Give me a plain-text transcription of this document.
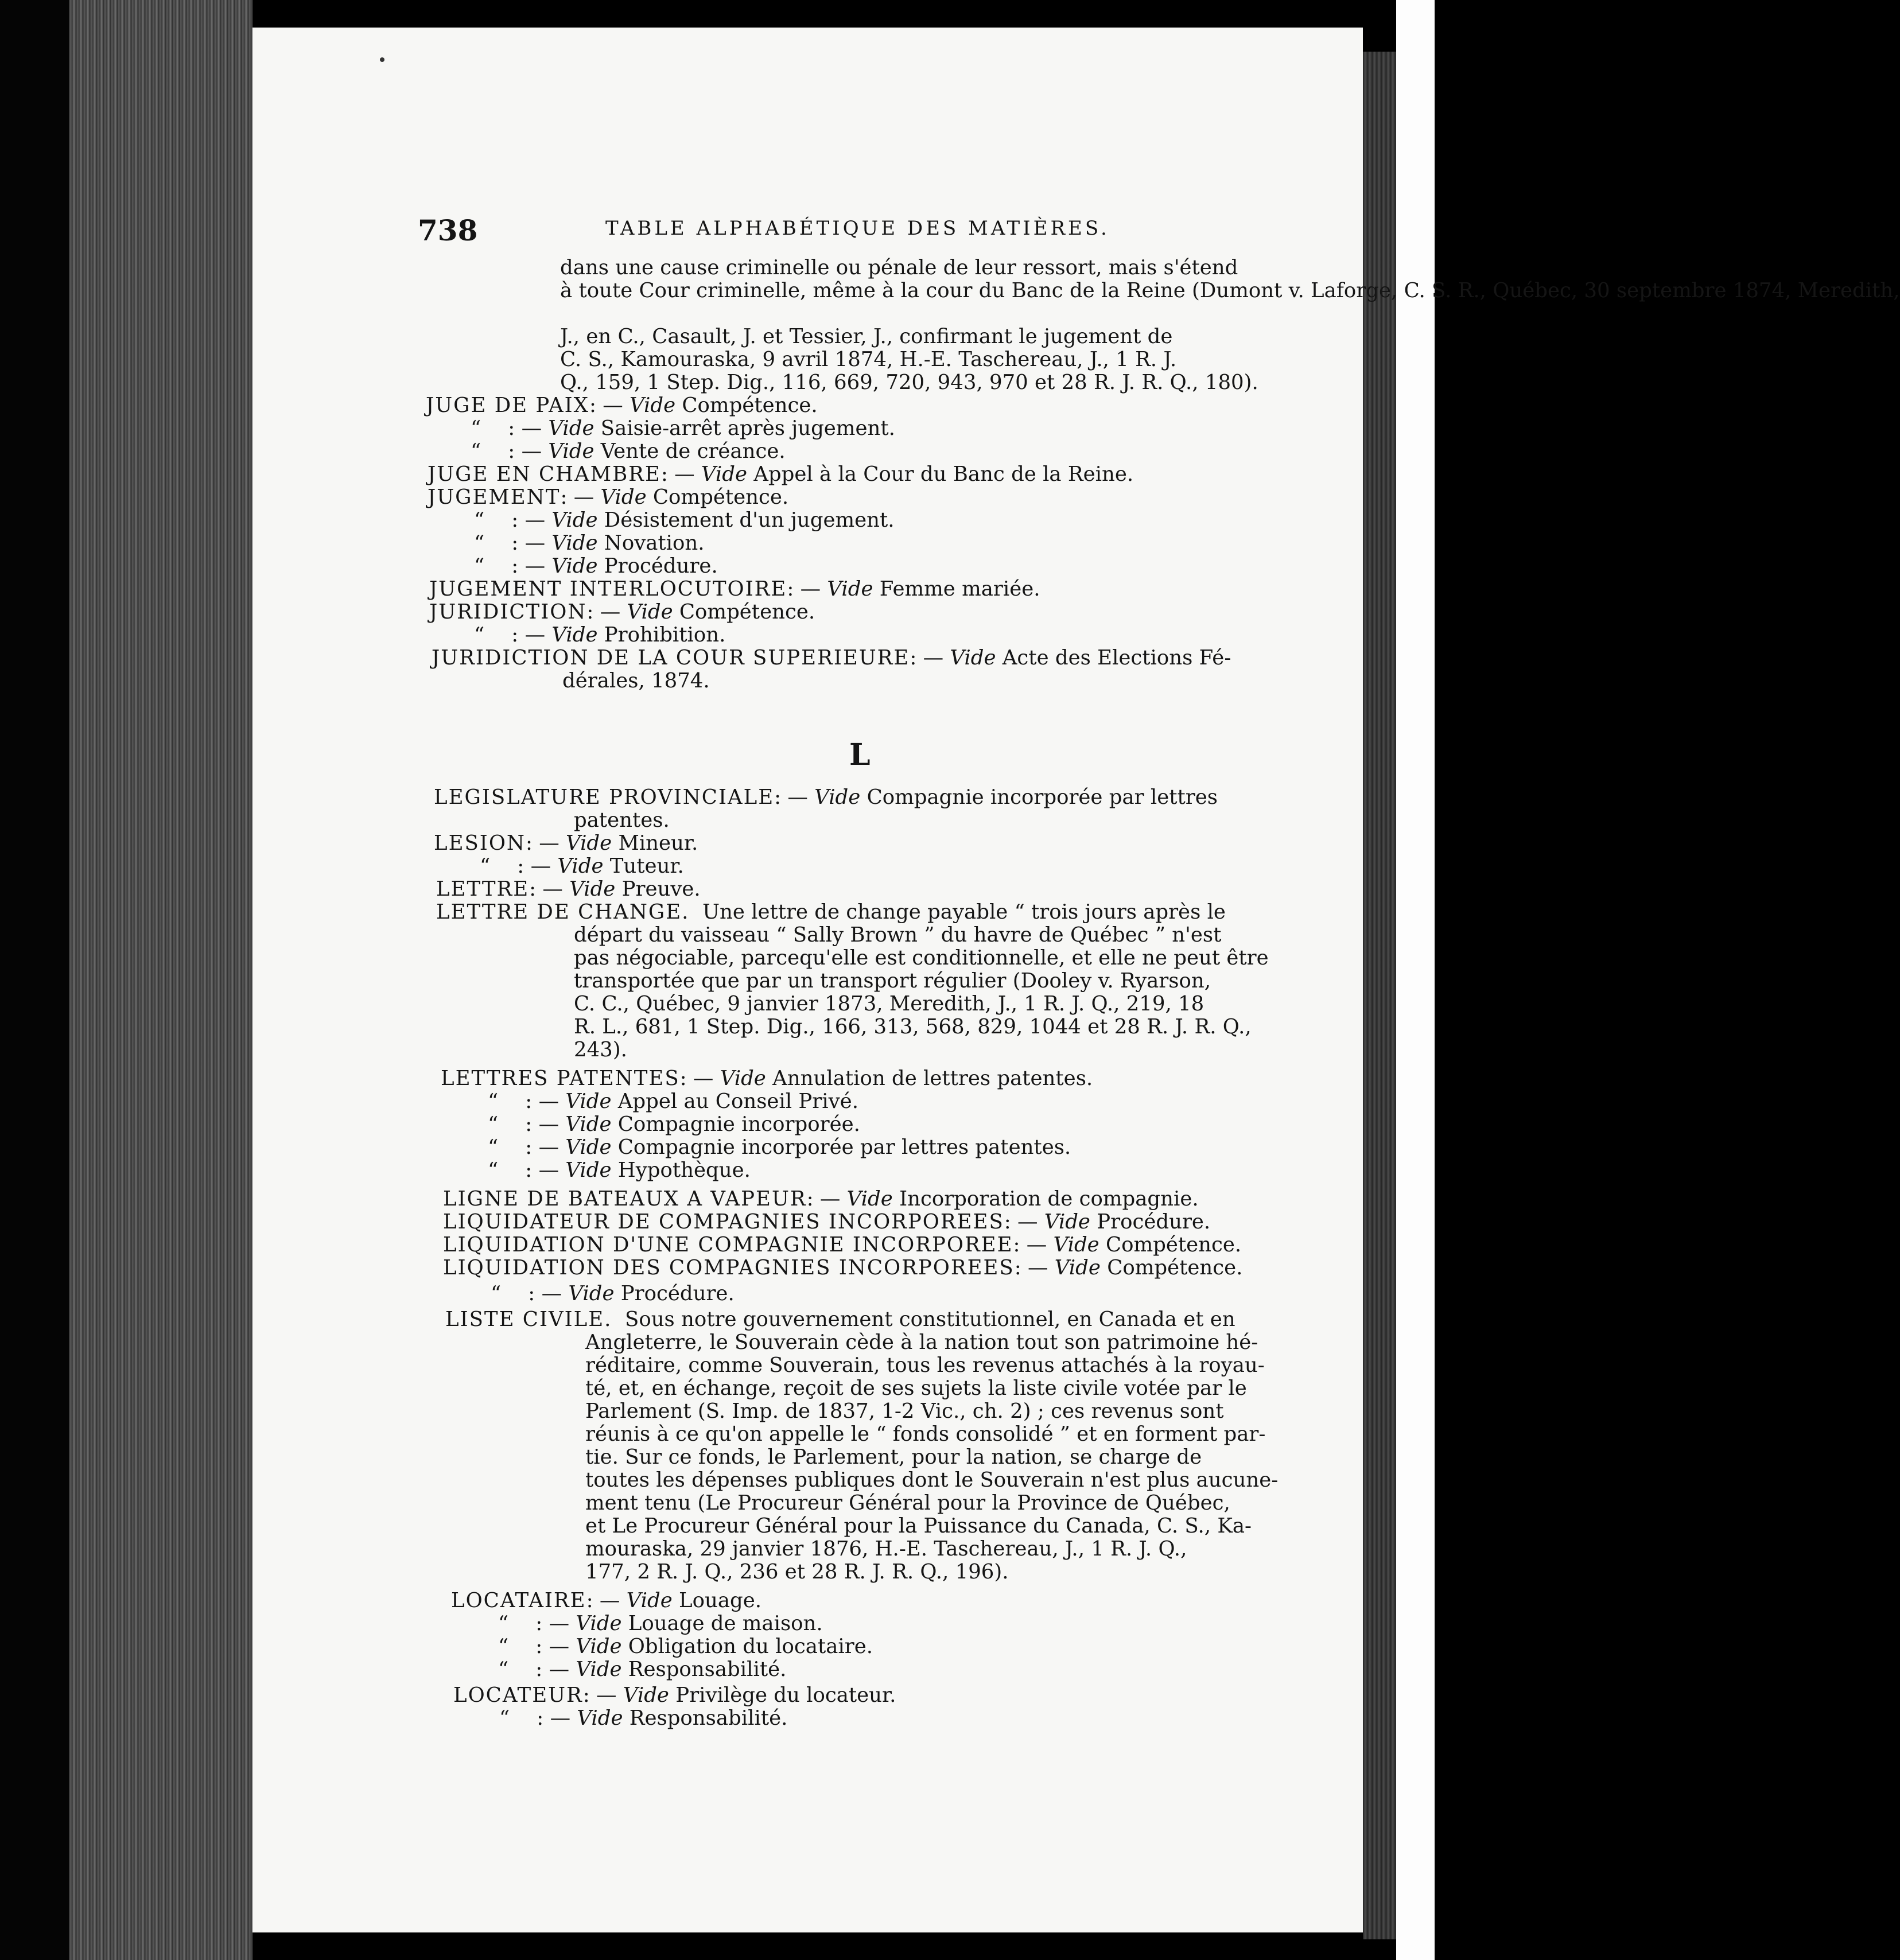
738	TABLE ALPHABÉTIQUE DES MATIÈRES.
L
dans une cause criminelle ou pénale de leur ressort, mais s'étend
à toute Cour criminelle, même à la cour du Banc de la Reine (Dumont v. Laforge, C. S. R., Québec, 30 septembre 1874, Meredith,
J., en C., Casault, J. et Tessier, J., confirmant le jugement de
C. S., Kamouraska, 9 avril 1874, H.-E. Taschereau, J., 1 R. J.
Q., 159, 1 Step. Dig., 116, 669, 720, 943, 970 et 28 R. J. R. Q., 180).
JUGE DE PAIX: — Vide Compétence.
“ : — Vide Saisie-arrêt après jugement.
“ : — Vide Vente de créance.
JUGE EN CHAMBRE: — Vide Appel à la Cour du Banc de la Reine.
JUGEMENT: — Vide Compétence.
“ : — Vide Désistement d'un jugement.
“ : — Vide Novation.
“ : — Vide Procédure.
JUGEMENT INTERLOCUTOIRE: — Vide Femme mariée.
JURIDICTION: — Vide Compétence.
“ : — Vide Prohibition.
JURIDICTION DE LA COUR SUPERIEURE: — Vide Acte des Elections Fé-
dérales, 1874.
LEGISLATURE PROVINCIALE: — Vide Compagnie incorporée par lettres
patentes.
LESION: — Vide Mineur.
“ : — Vide Tuteur.
LETTRE: — Vide Preuve.
LETTRE DE CHANGE. Une lettre de change payable “ trois jours après le
départ du vaisseau “ Sally Brown ” du havre de Québec ” n'est
pas négociable, parcequ'elle est conditionnelle, et elle ne peut être
transportée que par un transport régulier (Dooley v. Ryarson,
C. C., Québec, 9 janvier 1873, Meredith, J., 1 R. J. Q., 219, 18
R. L., 681, 1 Step. Dig., 166, 313, 568, 829, 1044 et 28 R. J. R. Q.,
243).
LETTRES PATENTES: — Vide Annulation de lettres patentes.
“ : — Vide Appel au Conseil Privé.
“ : — Vide Compagnie incorporée.
“ : — Vide Compagnie incorporée par lettres patentes.
“ : — Vide Hypothèque.
LIGNE DE BATEAUX A VAPEUR: — Vide Incorporation de compagnie.
LIQUIDATEUR DE COMPAGNIES INCORPOREES: — Vide Procédure.
LIQUIDATION D'UNE COMPAGNIE INCORPOREE: — Vide Compétence.
LIQUIDATION DES COMPAGNIES INCORPOREES: — Vide Compétence.
“ : — Vide Procédure.
LISTE CIVILE. Sous notre gouvernement constitutionnel, en Canada et en
Angleterre, le Souverain cède à la nation tout son patrimoine hé-
réditaire, comme Souverain, tous les revenus attachés à la royau-
té, et, en échange, reçoit de ses sujets la liste civile votée par le
Parlement (S. Imp. de 1837, 1-2 Vic., ch. 2) ; ces revenus sont
réunis à ce qu'on appelle le “ fonds consolidé ” et en forment par-
tie. Sur ce fonds, le Parlement, pour la nation, se charge de
toutes les dépenses publiques dont le Souverain n'est plus aucune-
ment tenu (Le Procureur Général pour la Province de Québec,
et Le Procureur Général pour la Puissance du Canada, C. S., Ka-
mouraska, 29 janvier 1876, H.-E. Taschereau, J., 1 R. J. Q.,
177, 2 R. J. Q., 236 et 28 R. J. R. Q., 196).
LOCATAIRE: — Vide Louage.
“ : — Vide Louage de maison.
“ : — Vide Obligation du locataire.
“ : — Vide Responsabilité.
LOCATEUR: — Vide Privilège du locateur.
“ : — Vide Responsabilité.
